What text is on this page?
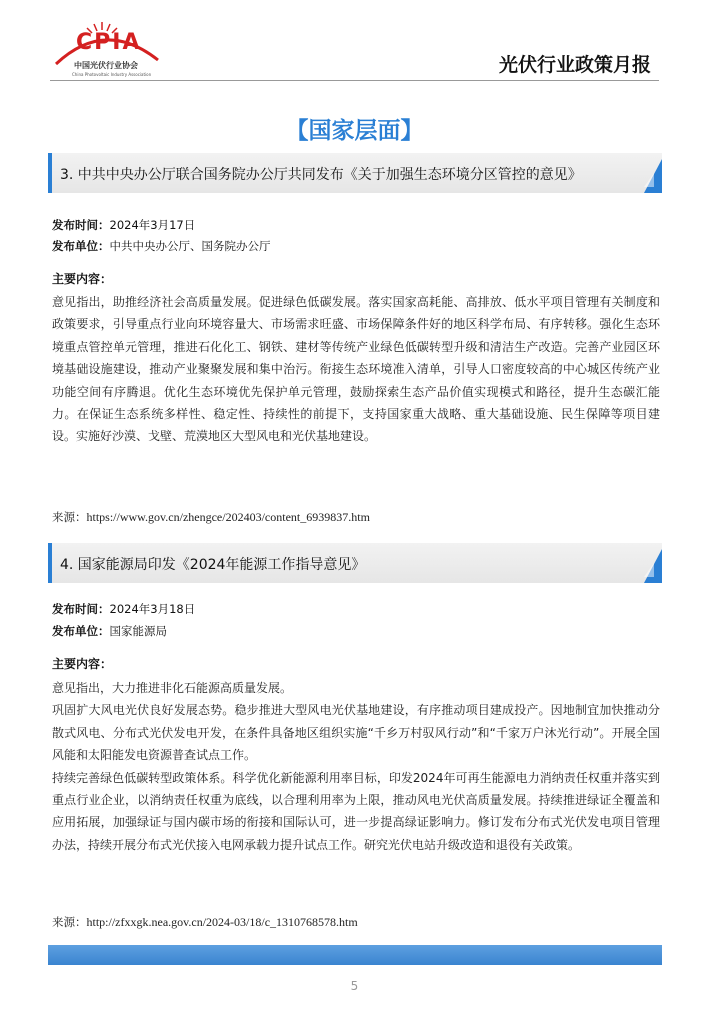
CPIA
中国光伏行业协会
China Photovoltaic Industry Association	光伏行业政策月报
【国家层面】
3. 中共中央办公厅联合国务院办公厅共同发布《关于加强生态环境分区管控的意见》
发布时间：2024年3月17日
发布单位：中共中央办公厅、国务院办公厅
主要内容：

意见指出，助推经济社会高质量发展。促进绿色低碳发展。落实国家高耗能、高排放、低水平项目管理有关制度和政策要求，引导重点行业向环境容量大、市场需求旺盛、市场保障条件好的地区科学布局、有序转移。强化生态环境重点管控单元管理，推进石化化工、钢铁、建材等传统产业绿色低碳转型升级和清洁生产改造。完善产业园区环境基础设施建设，推动产业聚聚发展和集中治污。衔接生态环境准入清单，引导人口密度较高的中心城区传统产业功能空间有序腾退。优化生态环境优先保护单元管理，鼓励探索生态产品价值实现模式和路径，提升生态碳汇能力。在保证生态系统多样性、稳定性、持续性的前提下，支持国家重大战略、重大基础设施、民生保障等项目建设。实施好沙漠、戈壁、荒漠地区大型风电和光伏基地建设。

来源：https://www.gov.cn/zhengce/202403/content_6939837.htm
4. 国家能源局印发《2024年能源工作指导意见》
发布时间：2024年3月18日
发布单位：国家能源局
主要内容：

意见指出，大力推进非化石能源高质量发展。

巩固扩大风电光伏良好发展态势。稳步推进大型风电光伏基地建设，有序推动项目建成投产。因地制宜加快推动分散式风电、分布式光伏发电开发，在条件具备地区组织实施“千乡万村驭风行动”和“千家万户沐光行动”。开展全国风能和太阳能发电资源普查试点工作。

持续完善绿色低碳转型政策体系。科学优化新能源利用率目标，印发2024年可再生能源电力消纳责任权重并落实到重点行业企业，以消纳责任权重为底线，以合理利用率为上限，推动风电光伏高质量发展。持续推进绿证全覆盖和应用拓展，加强绿证与国内碳市场的衔接和国际认可，进一步提高绿证影响力。修订发布分布式光伏发电项目管理办法，持续开展分布式光伏接入电网承载力提升试点工作。研究光伏电站升级改造和退役有关政策。

来源：http://zfxxgk.nea.gov.cn/2024-03/18/c_1310768578.htm
5
